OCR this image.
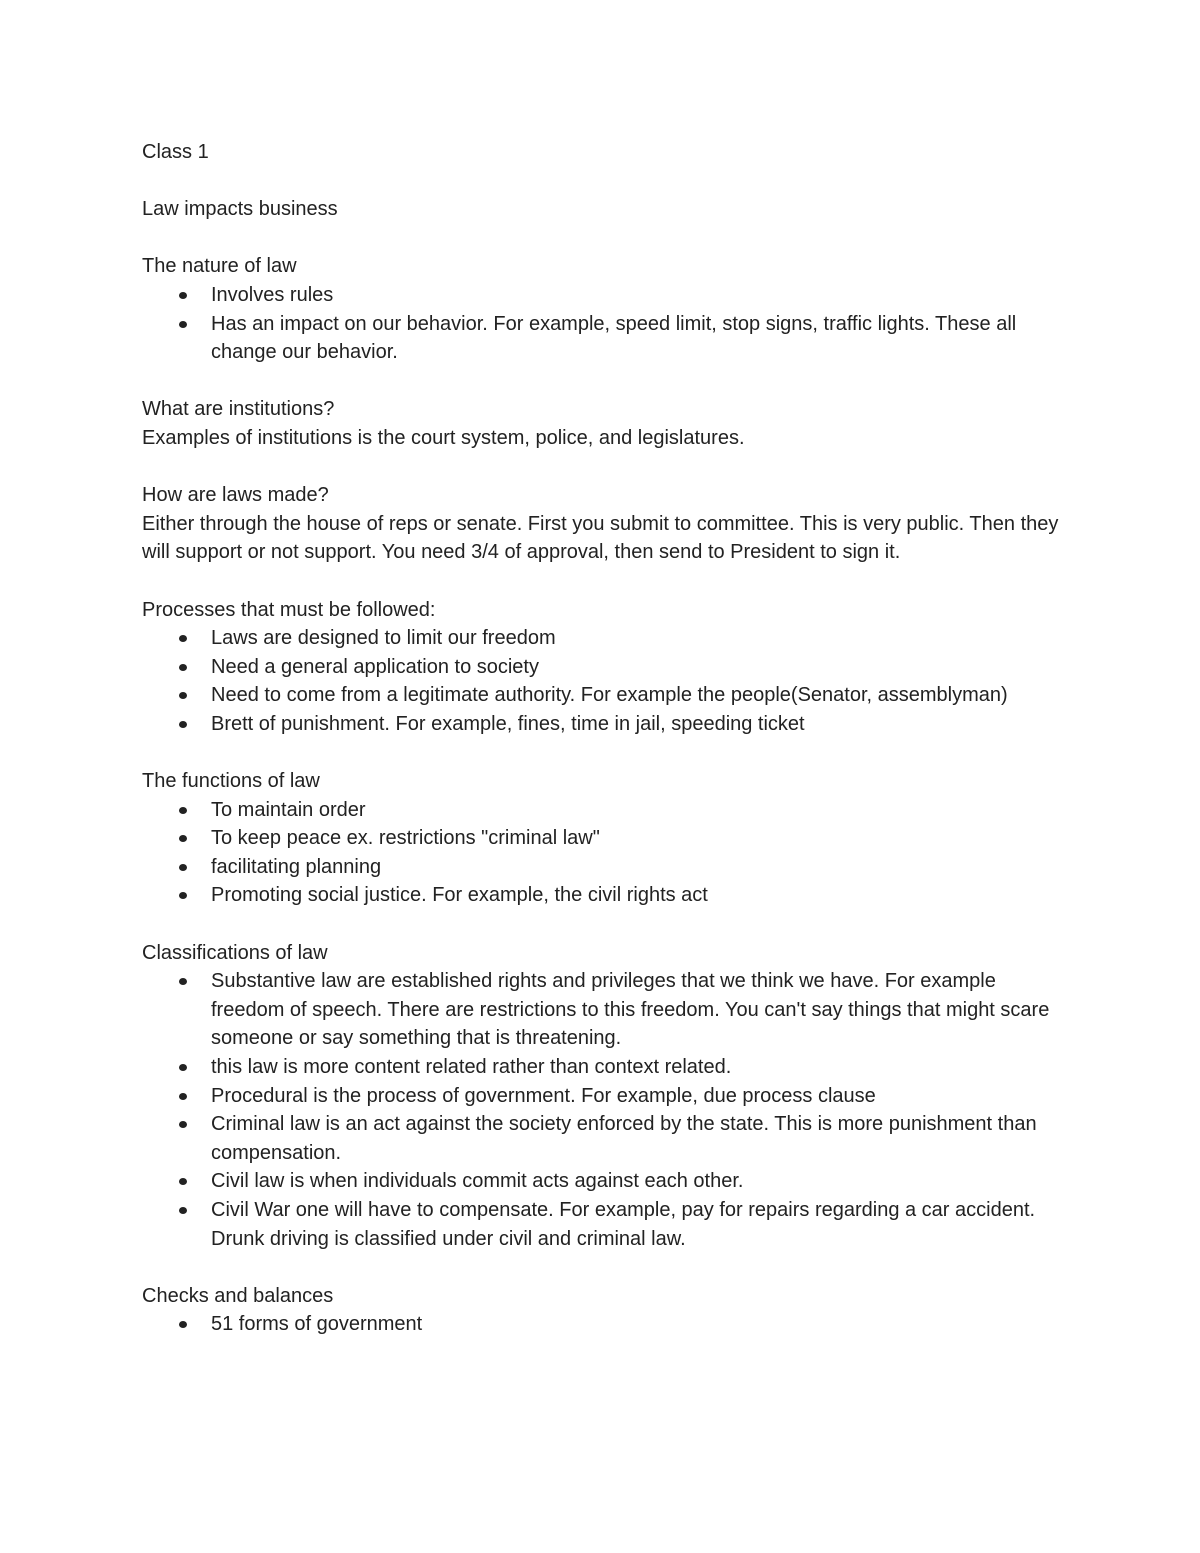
Class 1

Law impacts business

The nature of law

Involves rules
Has an impact on our behavior. For example, speed limit, stop signs, traffic lights. These all change our behavior.

What are institutions?

Examples of institutions is the court system, police, and legislatures.

How are laws made?

Either through the house of reps or senate. First you submit to committee. This is very public. Then they will support or not support. You need 3/4 of approval, then send to President to sign it.

Processes that must be followed:

Laws are designed to limit our freedom
Need a general application to society
Need to come from a legitimate authority. For example the people(Senator, assemblyman)
Brett of punishment. For example, fines, time in jail, speeding ticket

The functions of law

To maintain order
To keep peace ex. restrictions "criminal law"
facilitating planning
Promoting social justice. For example, the civil rights act

Classifications of law

Substantive law are established rights and privileges that we think we have. For example freedom of speech. There are restrictions to this freedom. You can't say things that might scare someone or say something that is threatening.
this law is more content related rather than context related.
Procedural is the process of government. For example, due process clause
Criminal law is an act against the society enforced by the state. This is more punishment than compensation.
Civil law is when individuals commit acts against each other.
Civil War one will have to compensate. For example, pay for repairs regarding a car accident. Drunk driving is classified under civil and criminal law.

Checks and balances

51 forms of government
